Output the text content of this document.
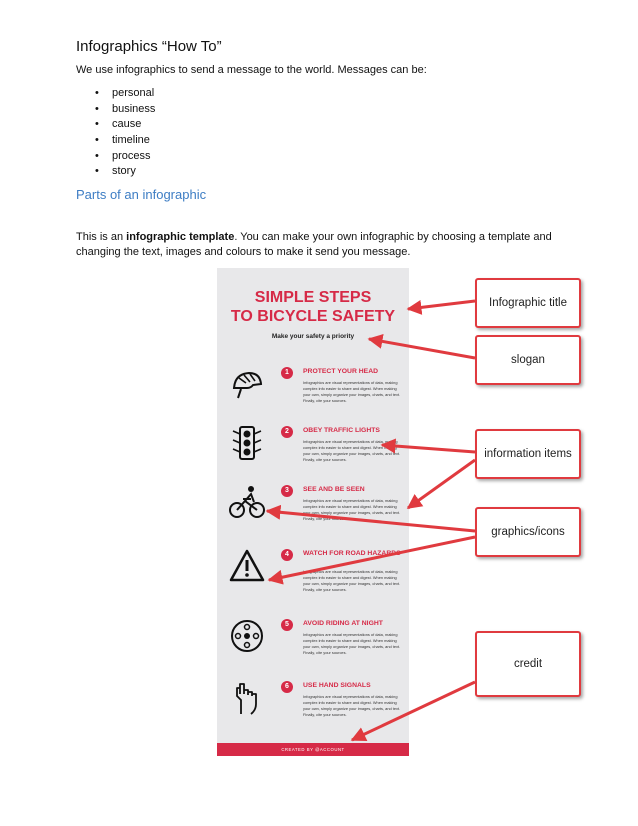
Infographics “How To”
We use infographics to send a message to the world. Messages can be:
• personal
• business
• cause
• timeline
• process
• story
Parts of an infographic
This is an infographic template. You can make your own infographic by choosing a template and changing the text, images and colours to make it send you message.
SIMPLE STEPS
TO BICYCLE SAFETY
Make your safety a priority
1	PROTECT YOUR HEAD
Infographics are visual representations of data, making complex info easier to share and digest. When making your own, simply organize your images, charts, and text. Finally, cite your sources.
2	OBEY TRAFFIC LIGHTS
Infographics are visual representations of data, making complex info easier to share and digest. When making your own, simply organize your images, charts, and text. Finally, cite your sources.
3	SEE AND BE SEEN
Infographics are visual representations of data, making complex info easier to share and digest. When making your own, simply organize your images, charts, and text. Finally, cite your sources.
4	WATCH FOR ROAD HAZARDS
Infographics are visual representations of data, making complex info easier to share and digest. When making your own, simply organize your images, charts, and text. Finally, cite your sources.
5	AVOID RIDING AT NIGHT
Infographics are visual representations of data, making complex info easier to share and digest. When making your own, simply organize your images, charts, and text. Finally, cite your sources.
6	USE HAND SIGNALS
Infographics are visual representations of data, making complex info easier to share and digest. When making your own, simply organize your images, charts, and text. Finally, cite your sources.
CREATED BY @ACCOUNT
Infographic title
slogan
information items
graphics/icons
credit
